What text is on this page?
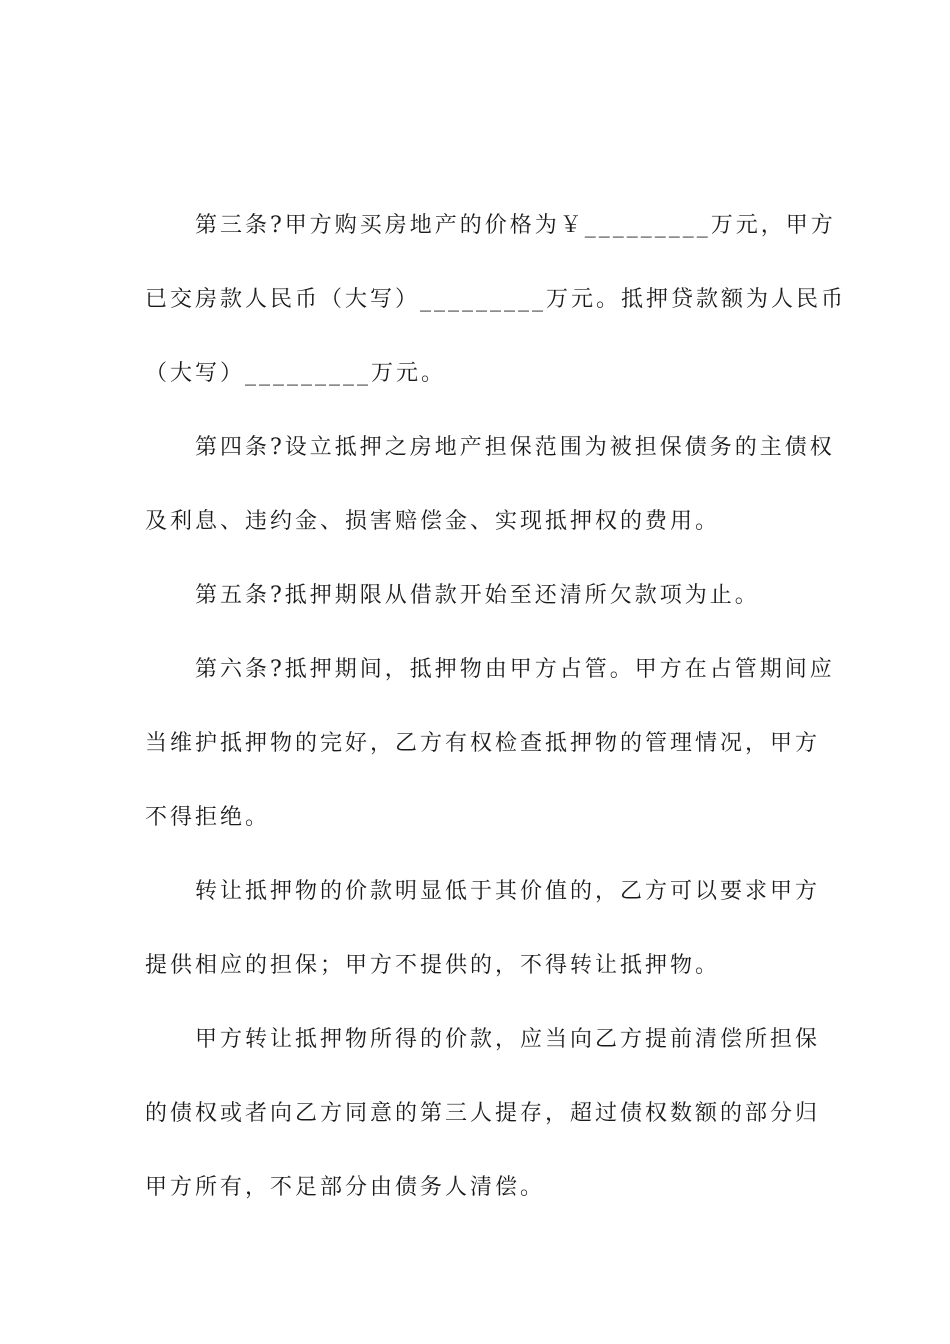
第三条?甲方购买房地产的价格为￥_________万元，甲方
已交房款人民币（大写）_________万元。抵押贷款额为人民币
（大写）_________万元。
第四条?设立抵押之房地产担保范围为被担保债务的主债权
及利息、违约金、损害赔偿金、实现抵押权的费用。
第五条?抵押期限从借款开始至还清所欠款项为止。
第六条?抵押期间，抵押物由甲方占管。甲方在占管期间应
当维护抵押物的完好，乙方有权检查抵押物的管理情况，甲方
不得拒绝。
转让抵押物的价款明显低于其价值的，乙方可以要求甲方
提供相应的担保；甲方不提供的，不得转让抵押物。
甲方转让抵押物所得的价款，应当向乙方提前清偿所担保
的债权或者向乙方同意的第三人提存，超过债权数额的部分归
甲方所有，不足部分由债务人清偿。
